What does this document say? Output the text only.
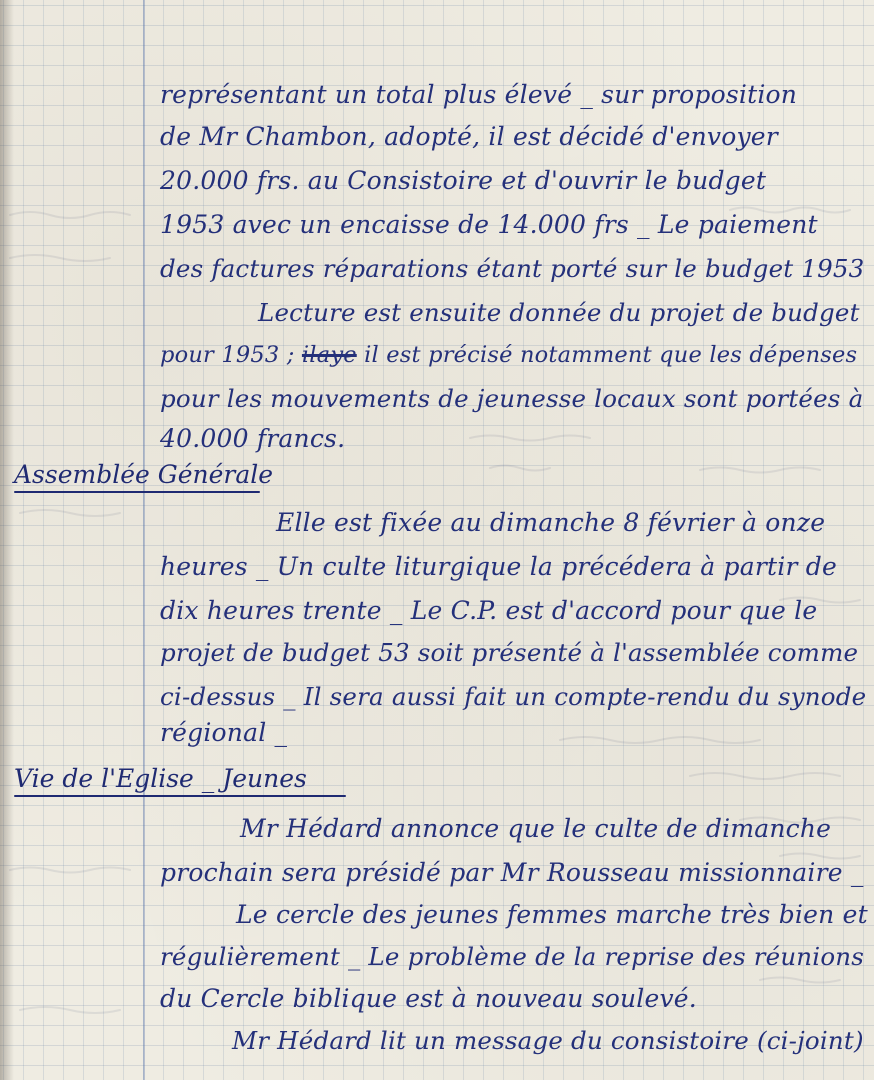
représentant un total plus élevé _ sur proposition

de Mr Chambon, adopté, il est décidé d'envoyer

20.000 frs. au Consistoire et d'ouvrir le budget

1953 avec un encaisse de 14.000 frs _ Le paiement

des factures réparations étant porté sur le budget 1953

Lecture est ensuite donnée du projet de budget

pour 1953 ; ilaye il est précisé notamment que les dépenses

pour les mouvements de jeunesse locaux sont portées à

40.000 francs.

Assemblée Générale

Elle est fixée au dimanche 8 février à onze

heures _ Un culte liturgique la précédera à partir de

dix heures trente _ Le C.P. est d'accord pour que le

projet de budget 53 soit présenté à l'assemblée comme

ci-dessus _ Il sera aussi fait un compte-rendu du synode

régional _

Vie de l'Eglise _ Jeunes

Mr Hédard annonce que le culte de dimanche

prochain sera présidé par Mr Rousseau missionnaire _

Le cercle des jeunes femmes marche très bien et

régulièrement _ Le problème de la reprise des réunions

du Cercle biblique est à nouveau soulevé.

Mr Hédard lit un message du consistoire (ci-joint)
